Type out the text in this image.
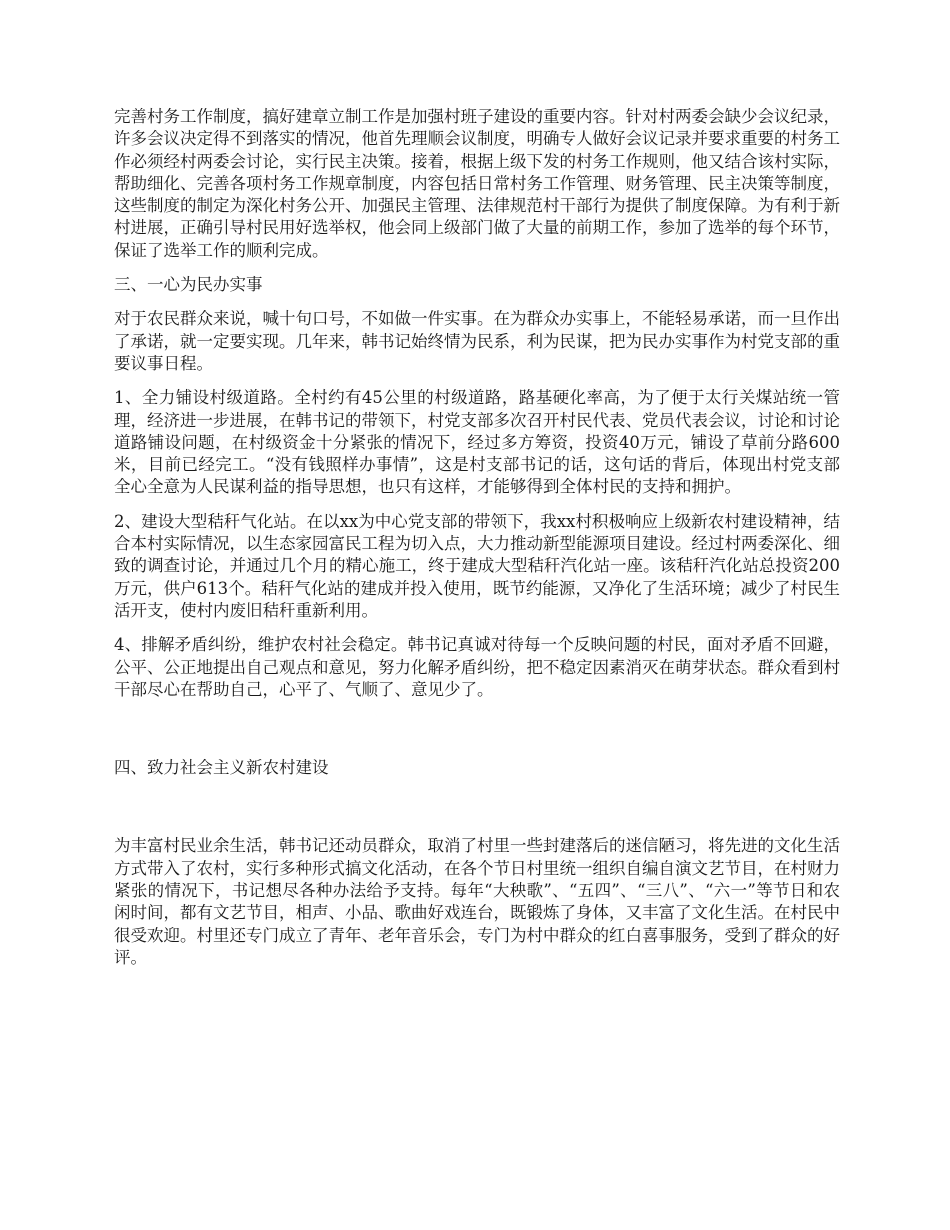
完善村务工作制度，搞好建章立制工作是加强村班子建设的重要内容。针对村两委会缺少会议纪录，许多会议决定得不到落实的情况，他首先理顺会议制度，明确专人做好会议记录并要求重要的村务工作必须经村两委会讨论，实行民主决策。接着，根据上级下发的村务工作规则，他又结合该村实际，帮助细化、完善各项村务工作规章制度，内容包括日常村务工作管理、财务管理、民主决策等制度，这些制度的制定为深化村务公开、加强民主管理、法律规范村干部行为提供了制度保障。为有利于新村进展，正确引导村民用好选举权，他会同上级部门做了大量的前期工作，参加了选举的每个环节，保证了选举工作的顺利完成。

三、一心为民办实事

对于农民群众来说，喊十句口号，不如做一件实事。在为群众办实事上，不能轻易承诺，而一旦作出了承诺，就一定要实现。几年来，韩书记始终情为民系，利为民谋，把为民办实事作为村党支部的重要议事日程。

1、全力铺设村级道路。全村约有45公里的村级道路，路基硬化率高，为了便于太行关煤站统一管理，经济进一步进展，在韩书记的带领下，村党支部多次召开村民代表、党员代表会议，讨论和讨论道路铺设问题，在村级资金十分紧张的情况下，经过多方筹资，投资40万元，铺设了草前分路600米，目前已经完工。“没有钱照样办事情”，这是村支部书记的话，这句话的背后，体现出村党支部全心全意为人民谋利益的指导思想，也只有这样，才能够得到全体村民的支持和拥护。

2、建设大型秸秆气化站。在以xx为中心党支部的带领下，我xx村积极响应上级新农村建设精神，结合本村实际情况，以生态家园富民工程为切入点，大力推动新型能源项目建设。经过村两委深化、细致的调查讨论，并通过几个月的精心施工，终于建成大型秸秆汽化站一座。该秸秆汽化站总投资200万元，供户613个。秸秆气化站的建成并投入使用，既节约能源，又净化了生活环境；减少了村民生活开支，使村内废旧秸秆重新利用。

4、排解矛盾纠纷，维护农村社会稳定。韩书记真诚对待每一个反映问题的村民，面对矛盾不回避，公平、公正地提出自己观点和意见，努力化解矛盾纠纷，把不稳定因素消灭在萌芽状态。群众看到村干部尽心在帮助自己，心平了、气顺了、意见少了。

四、致力社会主义新农村建设

为丰富村民业余生活，韩书记还动员群众，取消了村里一些封建落后的迷信陋习，将先进的文化生活方式带入了农村，实行多种形式搞文化活动，在各个节日村里统一组织自编自演文艺节目，在村财力紧张的情况下，书记想尽各种办法给予支持。每年“大秧歌”、“五四”、“三八”、“六一”等节日和农闲时间，都有文艺节目，相声、小品、歌曲好戏连台，既锻炼了身体，又丰富了文化生活。在村民中很受欢迎。村里还专门成立了青年、老年音乐会，专门为村中群众的红白喜事服务，受到了群众的好评。
